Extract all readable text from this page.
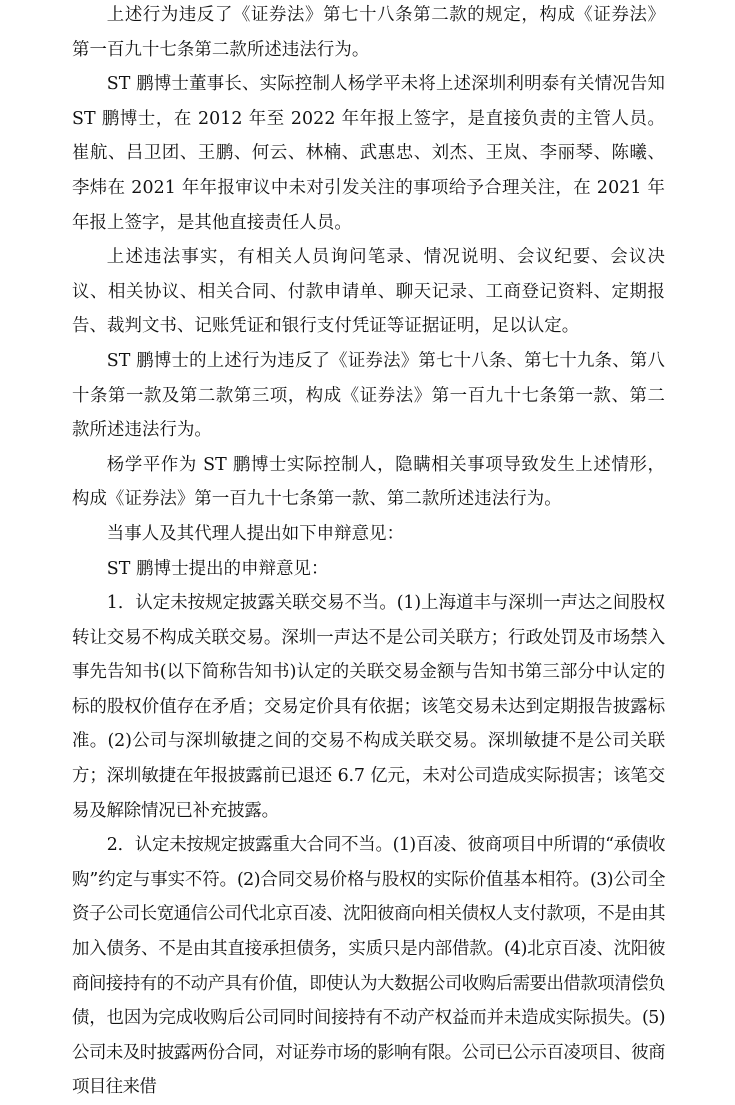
上述行为违反了《证券法》第七十八条第二款的规定，构成《证券法》第一百九十七条第二款所述违法行为。

ST 鹏博士董事长、实际控制人杨学平未将上述深圳利明泰有关情况告知 ST 鹏博士，在 2012 年至 2022 年年报上签字，是直接负责的主管人员。崔航、吕卫团、王鹏、何云、林楠、武惠忠、刘杰、王岚、李丽琴、陈曦、李炜在 2021 年年报审议中未对引发关注的事项给予合理关注，在 2021 年年报上签字，是其他直接责任人员。

上述违法事实，有相关人员询问笔录、情况说明、会议纪要、会议决议、相关协议、相关合同、付款申请单、聊天记录、工商登记资料、定期报告、裁判文书、记账凭证和银行支付凭证等证据证明，足以认定。

ST 鹏博士的上述行为违反了《证券法》第七十八条、第七十九条、第八十条第一款及第二款第三项，构成《证券法》第一百九十七条第一款、第二款所述违法行为。

杨学平作为 ST 鹏博士实际控制人，隐瞒相关事项导致发生上述情形，构成《证券法》第一百九十七条第一款、第二款所述违法行为。

当事人及其代理人提出如下申辩意见：

ST 鹏博士提出的申辩意见：

1．认定未按规定披露关联交易不当。(1)上海道丰与深圳一声达之间股权转让交易不构成关联交易。深圳一声达不是公司关联方；行政处罚及市场禁入事先告知书(以下简称告知书)认定的关联交易金额与告知书第三部分中认定的标的股权价值存在矛盾；交易定价具有依据；该笔交易未达到定期报告披露标准。(2)公司与深圳敏捷之间的交易不构成关联交易。深圳敏捷不是公司关联方；深圳敏捷在年报披露前已退还 6.7 亿元，未对公司造成实际损害；该笔交易及解除情况已补充披露。

2．认定未按规定披露重大合同不当。(1)百凌、彼商项目中所谓的“承债收购”约定与事实不符。(2)合同交易价格与股权的实际价值基本相符。(3)公司全资子公司长宽通信公司代北京百凌、沈阳彼商向相关债权人支付款项，不是由其加入债务、不是由其直接承担债务，实质只是内部借款。(4)北京百凌、沈阳彼商间接持有的不动产具有价值，即使认为大数据公司收购后需要出借款项清偿负债，也因为完成收购后公司同时间接持有不动产权益而并未造成实际损失。(5)公司未及时披露两份合同，对证券市场的影响有限。公司已公示百凌项目、彼商项目往来借
